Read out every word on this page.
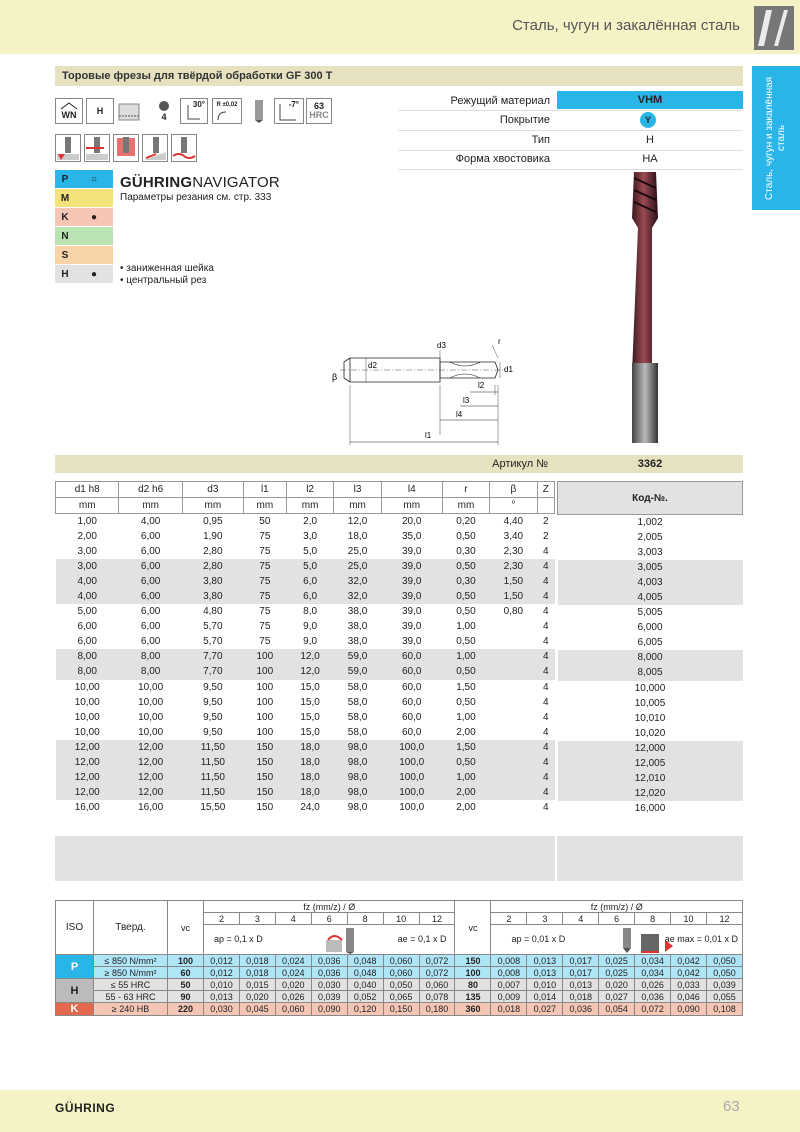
Сталь, чугун и закалённая сталь
Сталь, чугун и закалённая сталь
Торовые фрезы для твёрдой обработки GF 300 T
WN H
4
30° R ±0,02	-7° 63
HRC
Режущий материал	VHM
Покрытие	Y
Тип	H
Форма хвостовика	HA
P	○
M
K	●
N
S
H	●
GÜHRINGNAVIGATOR
Параметры резания см. стр. 333
• заниженная шейка
• центральный рез
β
d2
d3	r
d1
l2
l3
l4
l1
Артикул №	3362
d1 h8	d2 h6	d3	l1	l2	l3	l4	r	β	Z
mm	mm	mm	mm	mm	mm	mm	mm	°	
1,00	4,00	0,95	50	2,0	12,0	20,0	0,20	4,40	2
2,00	6,00	1,90	75	3,0	18,0	35,0	0,50	3,40	2
3,00	6,00	2,80	75	5,0	25,0	39,0	0,30	2,30	4
3,00	6,00	2,80	75	5,0	25,0	39,0	0,50	2,30	4
4,00	6,00	3,80	75	6,0	32,0	39,0	0,30	1,50	4
4,00	6,00	3,80	75	6,0	32,0	39,0	0,50	1,50	4
5,00	6,00	4,80	75	8,0	38,0	39,0	0,50	0,80	4
6,00	6,00	5,70	75	9,0	38,0	39,0	1,00		4
6,00	6,00	5,70	75	9,0	38,0	39,0	0,50		4
8,00	8,00	7,70	100	12,0	59,0	60,0	1,00		4
8,00	8,00	7,70	100	12,0	59,0	60,0	0,50		4
10,00	10,00	9,50	100	15,0	58,0	60,0	1,50		4
10,00	10,00	9,50	100	15,0	58,0	60,0	0,50		4
10,00	10,00	9,50	100	15,0	58,0	60,0	1,00		4
10,00	10,00	9,50	100	15,0	58,0	60,0	2,00		4
12,00	12,00	11,50	150	18,0	98,0	100,0	1,50		4
12,00	12,00	11,50	150	18,0	98,0	100,0	0,50		4
12,00	12,00	11,50	150	18,0	98,0	100,0	1,00		4
12,00	12,00	11,50	150	18,0	98,0	100,0	2,00		4
16,00	16,00	15,50	150	24,0	98,0	100,0	2,00		4
Код-№.
1,002
2,005
3,003
3,005
4,003
4,005
5,005
6,000
6,005
8,000
8,005
10,000
10,005
10,010
10,020
12,000
12,005
12,010
12,020
16,000
ISO	Тверд.	vc	fz (mm/z) / Ø							vc	fz (mm/z) / Ø						
			2	3	4	6	8	10	12		2	3	4	6	8	10	12

			ap = 0,1 x D ae = 0,1 x D								ap = 0,01 x D ae max = 0,01 x D						

P	≤ 850 N/mm²	100	0,012	0,018	0,024	0,036	0,048	0,060	0,072	150	0,008	0,013	0,017	0,025	0,034	0,042	0,050
	≥ 850 N/mm²	60	0,012	0,018	0,024	0,036	0,048	0,060	0,072	100	0,008	0,013	0,017	0,025	0,034	0,042	0,050
H	≤ 55 HRC	50	0,010	0,015	0,020	0,030	0,040	0,050	0,060	80	0,007	0,010	0,013	0,020	0,026	0,033	0,039
	55 - 63 HRC	90	0,013	0,020	0,026	0,039	0,052	0,065	0,078	135	0,009	0,014	0,018	0,027	0,036	0,046	0,055
K	≥ 240 HB	220	0,030	0,045	0,060	0,090	0,120	0,150	0,180	360	0,018	0,027	0,036	0,054	0,072	0,090	0,108
GÜHRING	63
